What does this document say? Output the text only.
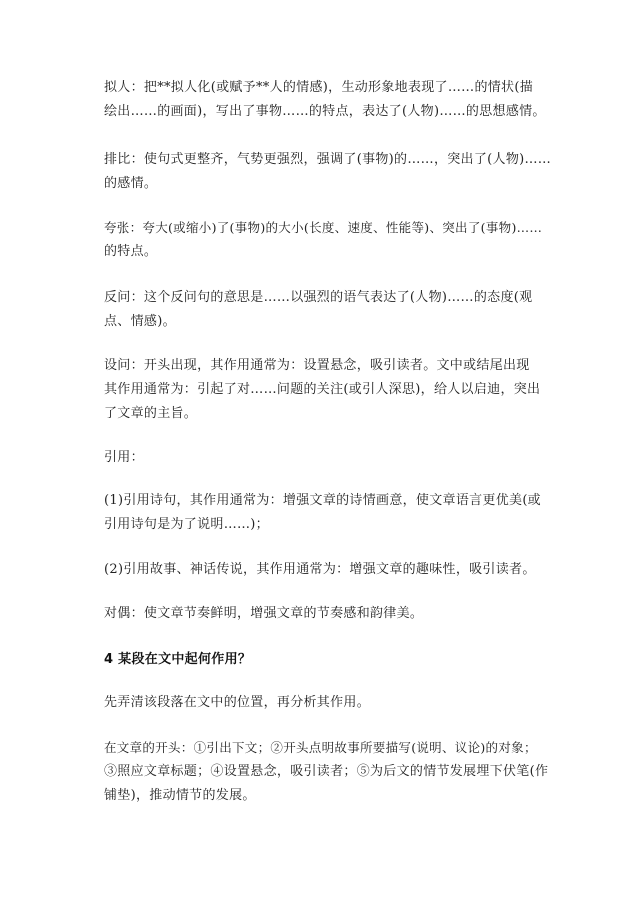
拟人：把**拟人化(或赋予**人的情感)，生动形象地表现了……的情状(描
绘出……的画面)，写出了事物……的特点，表达了(人物)……的思想感情。

排比：使句式更整齐，气势更强烈，强调了(事物)的……，突出了(人物)……
的感情。

夸张：夸大(或缩小)了(事物)的大小(长度、速度、性能等)、突出了(事物)……
的特点。

反问：这个反问句的意思是……以强烈的语气表达了(人物)……的态度(观
点、情感)。

设问：开头出现，其作用通常为：设置悬念，吸引读者。文中或结尾出现
其作用通常为：引起了对……问题的关注(或引人深思)，给人以启迪，突出
了文章的主旨。

引用：

(1)引用诗句，其作用通常为：增强文章的诗情画意，使文章语言更优美(或
引用诗句是为了说明……)；

(2)引用故事、神话传说，其作用通常为：增强文章的趣味性，吸引读者。

对偶：使文章节奏鲜明，增强文章的节奏感和韵律美。

4 某段在文中起何作用？

先弄清该段落在文中的位置，再分析其作用。

在文章的开头：①引出下文；②开头点明故事所要描写(说明、议论)的对象；
③照应文章标题；④设置悬念，吸引读者；⑤为后文的情节发展埋下伏笔(作
铺垫)，推动情节的发展。
